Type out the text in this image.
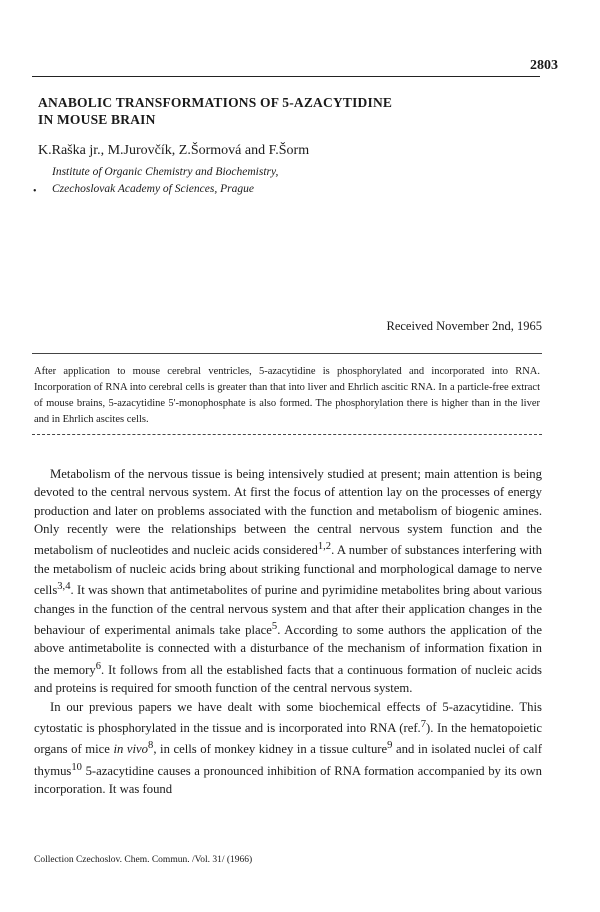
2803
ANABOLIC TRANSFORMATIONS OF 5-AZACYTIDINE
IN MOUSE BRAIN

K.Raška jr., M.Jurovčík, Z.Šormová and F.Šorm

Institute of Organic Chemistry and Biochemistry,

• Czechoslovak Academy of Sciences, Prague

Received November 2nd, 1965

After application to mouse cerebral ventricles, 5-azacytidine is phosphorylated and incorporated into RNA. Incorporation of RNA into cerebral cells is greater than that into liver and Ehrlich ascitic RNA. In a particle-free extract of mouse brains, 5-azacytidine 5'-monophosphate is also formed. The phosphorylation there is higher than in the liver and in Ehrlich ascites cells.

Metabolism of the nervous tissue is being intensively studied at present; main attention is being devoted to the central nervous system. At first the focus of attention lay on the processes of energy production and later on problems associated with the function and metabolism of biogenic amines. Only recently were the relationships between the central nervous system function and the metabolism of nucleotides and nucleic acids considered$^{1,2}$. A number of substances interfering with the metabolism of nucleic acids bring about striking functional and morphological damage to nerve cells$^{3,4}$. It was shown that antimetabolites of purine and pyrimidine metabolites bring about various changes in the function of the central nervous system and that after their application changes in the behaviour of experimental animals take place$^5$. According to some authors the application of the above antimetabolite is connected with a disturbance of the mechanism of information fixation in the memory$^6$. It follows from all the established facts that a continuous formation of nucleic acids and proteins is required for smooth function of the central nervous system.

In our previous papers we have dealt with some biochemical effects of 5-azacytidine. This cytostatic is phosphorylated in the tissue and is incorporated into RNA (ref.$^7$). In the hematopoietic organs of mice in vivo$^8$, in cells of monkey kidney in a tissue culture$^9$ and in isolated nuclei of calf thymus$^{10}$ 5-azacytidine causes a pronounced inhibition of RNA formation accompanied by its own incorporation. It was found

Collection Czechoslov. Chem. Commun. /Vol. 31/ (1966)
